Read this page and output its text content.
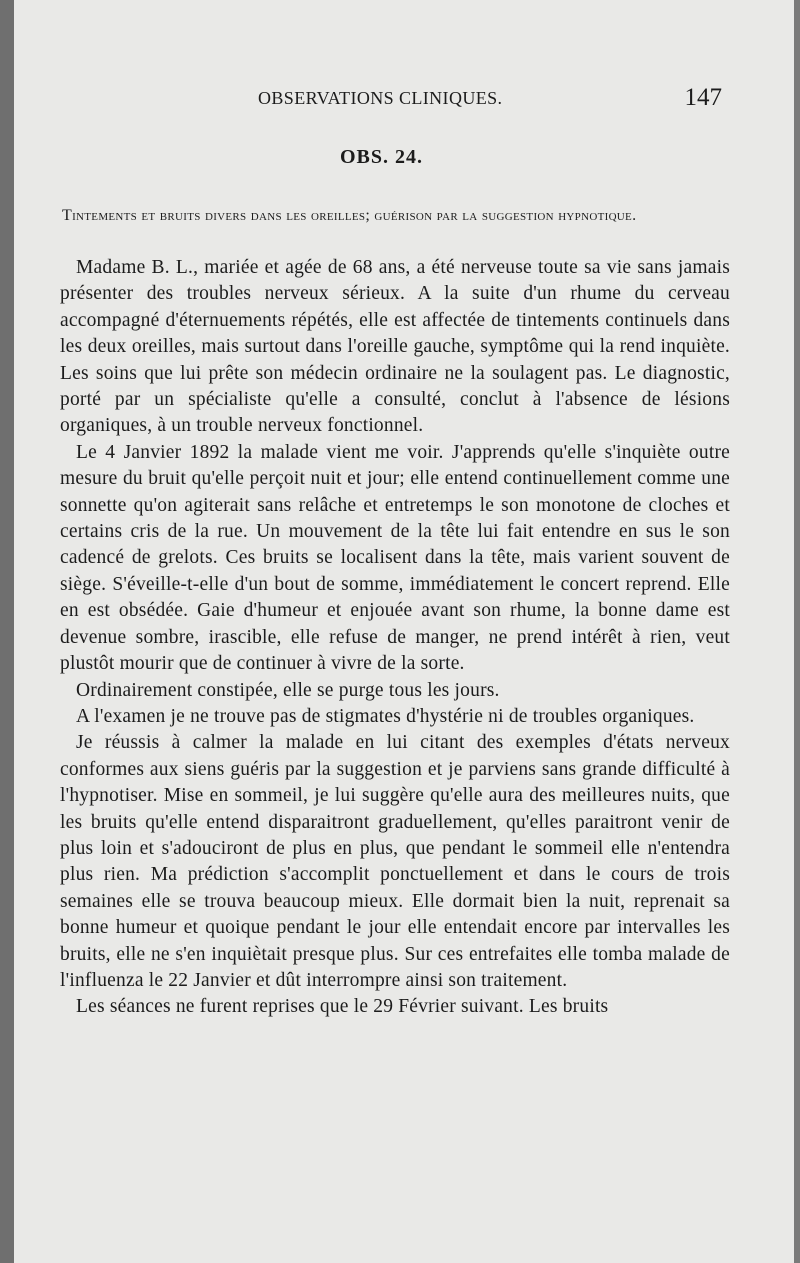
OBSERVATIONS CLINIQUES.	147
OBS. 24.
Tintements et bruits divers dans les oreilles; guérison par la suggestion hypnotique.

Madame B. L., mariée et agée de 68 ans, a été nerveuse toute sa vie sans jamais présenter des troubles nerveux sérieux. A la suite d'un rhume du cerveau accompagné d'éternuements répétés, elle est affectée de tintements continuels dans les deux oreilles, mais surtout dans l'oreille gauche, symptôme qui la rend inquiète. Les soins que lui prête son médecin ordinaire ne la soulagent pas. Le diagnostic, porté par un spécialiste qu'elle a consulté, conclut à l'absence de lésions organiques, à un trouble nerveux fonctionnel.

Le 4 Janvier 1892 la malade vient me voir. J'apprends qu'elle s'inquiète outre mesure du bruit qu'elle perçoit nuit et jour; elle entend continuellement comme une sonnette qu'on agiterait sans relâche et entretemps le son monotone de cloches et certains cris de la rue. Un mouvement de la tête lui fait entendre en sus le son cadencé de grelots. Ces bruits se localisent dans la tête, mais varient souvent de siège. S'éveille-t-elle d'un bout de somme, immédiatement le concert reprend. Elle en est obsédée. Gaie d'humeur et enjouée avant son rhume, la bonne dame est devenue sombre, irascible, elle refuse de manger, ne prend intérêt à rien, veut plustôt mourir que de continuer à vivre de la sorte.

Ordinairement constipée, elle se purge tous les jours.

A l'examen je ne trouve pas de stigmates d'hystérie ni de troubles organiques.

Je réussis à calmer la malade en lui citant des exemples d'états nerveux conformes aux siens guéris par la suggestion et je parviens sans grande difficulté à l'hypnotiser. Mise en sommeil, je lui suggère qu'elle aura des meilleures nuits, que les bruits qu'elle entend disparaitront graduellement, qu'elles paraitront venir de plus loin et s'adouciront de plus en plus, que pendant le sommeil elle n'entendra plus rien. Ma prédiction s'accomplit ponctuellement et dans le cours de trois semaines elle se trouva beaucoup mieux. Elle dormait bien la nuit, reprenait sa bonne humeur et quoique pendant le jour elle entendait encore par intervalles les bruits, elle ne s'en inquiètait presque plus. Sur ces entrefaites elle tomba malade de l'influenza le 22 Janvier et dût interrompre ainsi son traitement.

Les séances ne furent reprises que le 29 Février suivant. Les bruits
